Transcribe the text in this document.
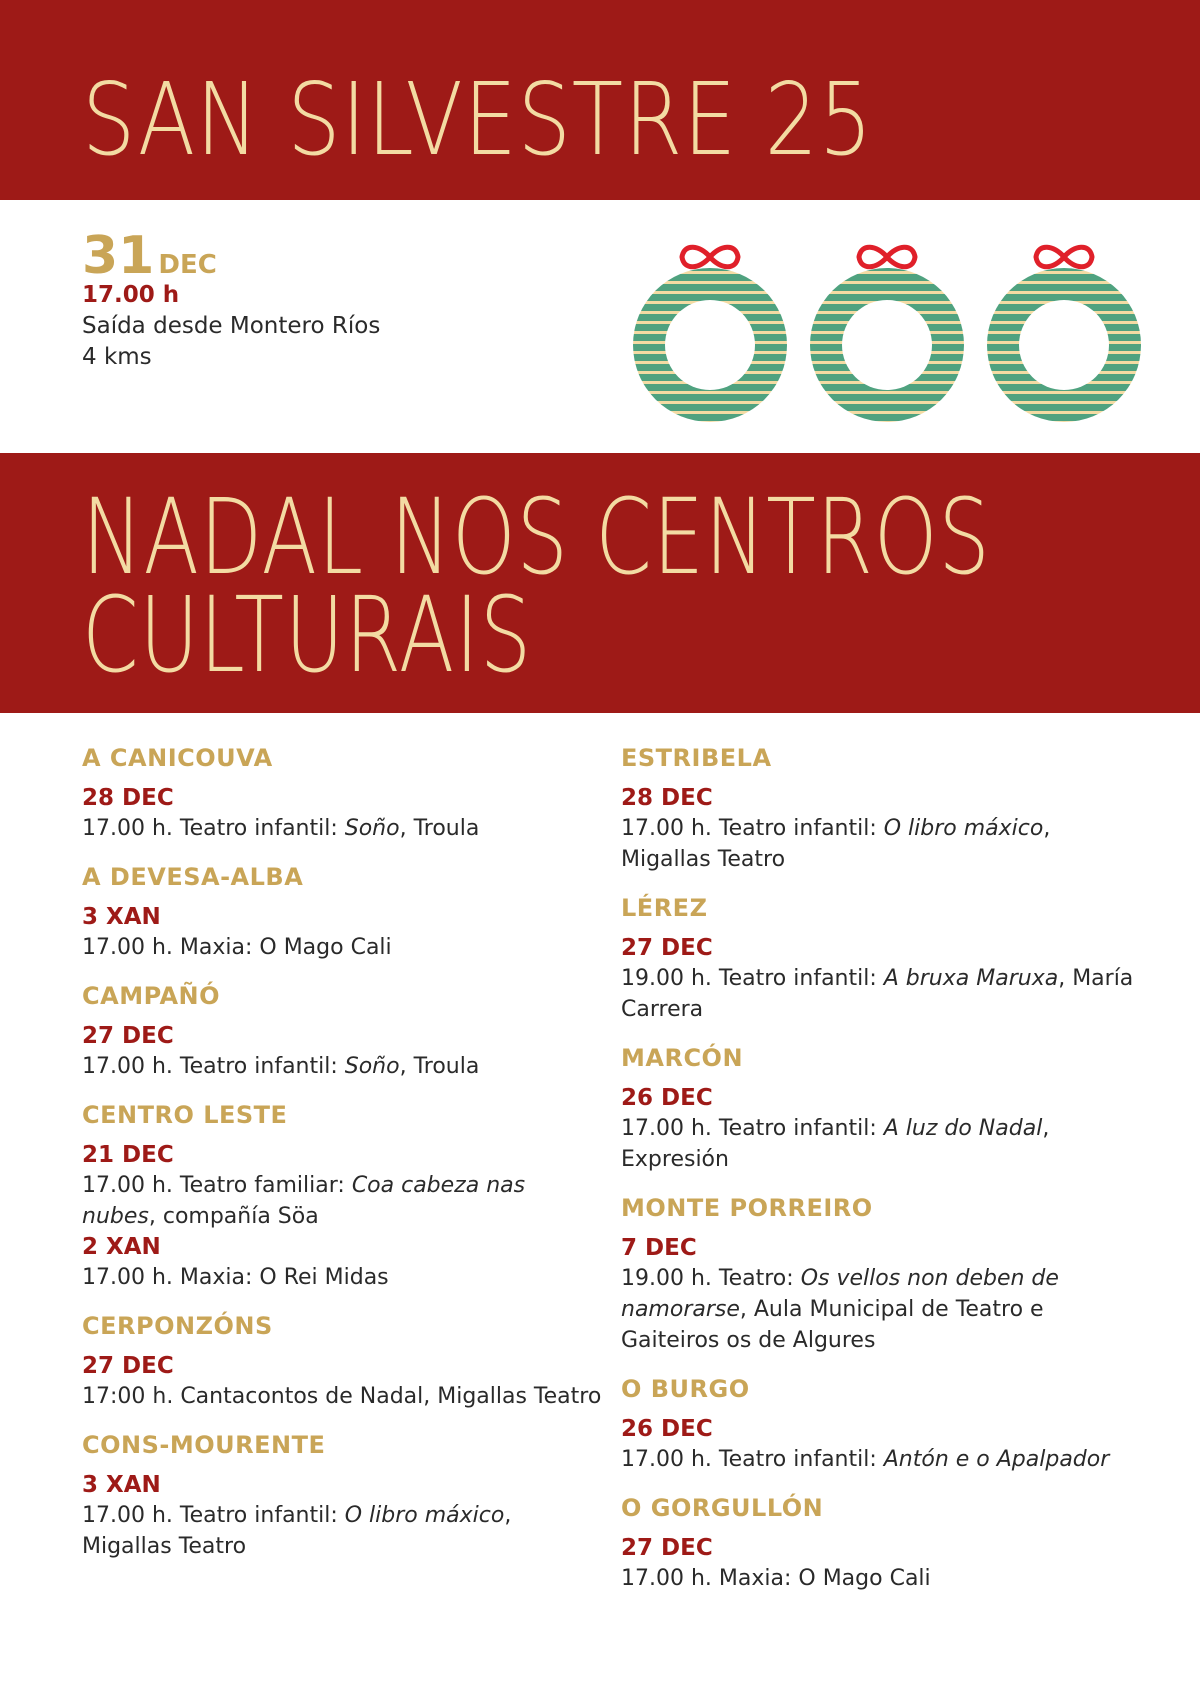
SAN SILVESTRE 25
31 DEC
17.00 h
Saída desde Montero Ríos
4 kms
NADAL NOS CENTROS
CULTURAIS
A CANICOUVA
28 DEC
17.00 h. Teatro infantil: Soño, Troula
A DEVESA-ALBA
3 XAN
17.00 h. Maxia: O Mago Cali
CAMPAÑÓ
27 DEC
17.00 h. Teatro infantil: Soño, Troula
CENTRO LESTE
21 DEC
17.00 h. Teatro familiar: Coa cabeza nas nubes, compañía Söa
2 XAN
17.00 h. Maxia: O Rei Midas
CERPONZÓNS
27 DEC
17:00 h. Cantacontos de Nadal, Migallas Teatro
CONS-MOURENTE
3 XAN
17.00 h. Teatro infantil: O libro máxico, Migallas Teatro
ESTRIBELA
28 DEC
17.00 h. Teatro infantil: O libro máxico, Migallas Teatro
LÉREZ
27 DEC
19.00 h. Teatro infantil: A bruxa Maruxa, María Carrera
MARCÓN
26 DEC
17.00 h. Teatro infantil: A luz do Nadal, Expresión
MONTE PORREIRO
7 DEC
19.00 h. Teatro: Os vellos non deben de namorarse, Aula Municipal de Teatro e Gaiteiros os de Algures
O BURGO
26 DEC
17.00 h. Teatro infantil: Antón e o Apalpador
O GORGULLÓN
27 DEC
17.00 h. Maxia: O Mago Cali
